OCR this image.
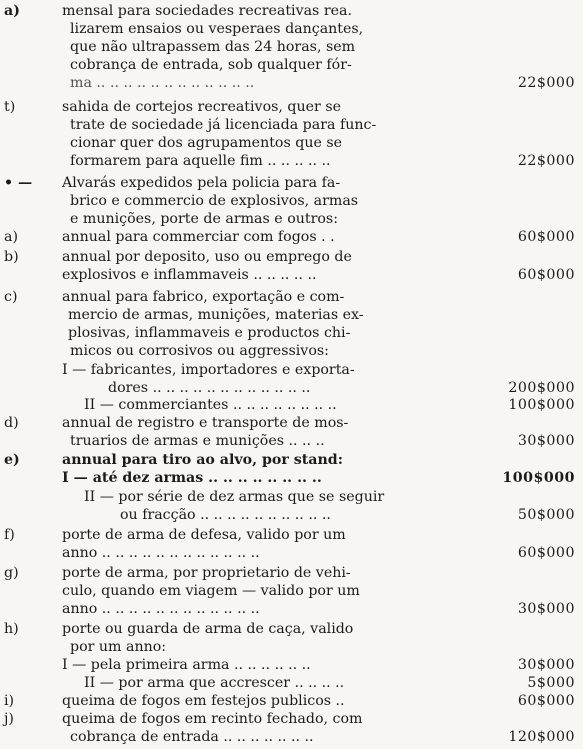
a)	mensal para sociedades recreativas rea.
lizarem ensaios ou vesperaes dançantes,
que não ultrapassem das 24 horas, sem
cobrança de entrada, sob qualquer fór-
ma .. .. .. .. .. .. .. .. .. .. .. ..	22$000
t)	sahida de cortejos recreativos, quer se
trate de sociedade já licenciada para func-
cionar quer dos agrupamentos que se
formarem para aquelle fim .. .. .. .. ..	22$000
• —	Alvarás expedidos pela policia para fa-
brico e commercio de explosivos, armas
e munições, porte de armas e outros:
a)	annual para commerciar com fogos . .	60$000
b)	annual por deposito, uso ou emprego de
explosivos e inflammaveis .. .. .. .. ..	60$000
c)	annual para fabrico, exportação e com-
mercio de armas, munições, materias ex-
plosivas, inflammaveis e productos chi-
micos ou corrosivos ou aggressivos:
I — fabricantes, importadores e exporta-
dores .. .. .. .. .. .. .. .. .. .. .. ..	200$000
II — commerciantes .. .. .. .. .. .. .. ..	100$000
d)	annual de registro e transporte de mos-
truarios de armas e munições .. .. ..	30$000
e)	annual para tiro ao alvo, por stand:
I — até dez armas .. .. .. .. .. .. .. ..	100$000
II — por série de dez armas que se seguir
ou fracção .. .. .. .. .. .. .. .. .. ..	50$000
f)	porte de arma de defesa, valido por um
anno .. .. .. .. .. .. .. .. .. .. .. ..	60$000
g)	porte de arma, por proprietario de vehi-
culo, quando em viagem — valido por um
anno .. .. .. .. .. .. .. .. .. .. .. ..	30$000
h)	porte ou guarda de arma de caça, valido
por um anno:
I — pela primeira arma .. .. .. .. .. ..	30$000
II — por arma que accrescer .. .. .. ..	5$000
i)	queima de fogos em festejos publicos ..	60$000
j)	queima de fogos em recinto fechado, com
cobrança de entrada .. .. .. .. .. .. ..	120$000
